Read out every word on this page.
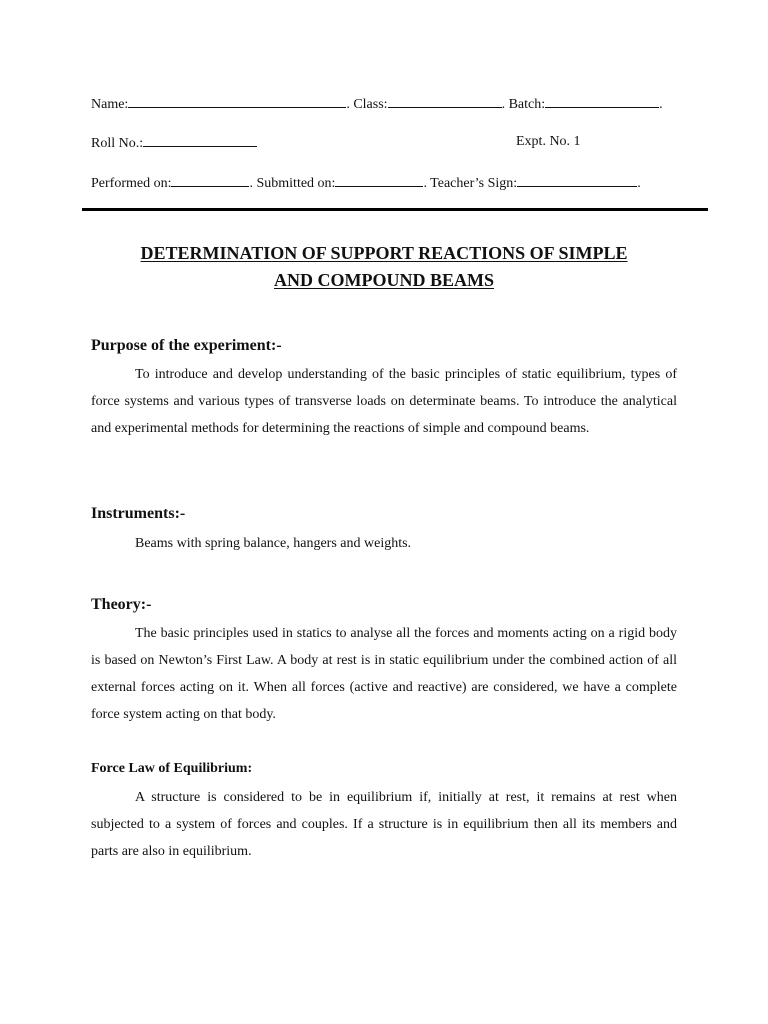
Name:	. Class:	. Batch:	.
Roll No.:	Expt. No. 1
Performed on:	. Submitted on:	. Teacher’s Sign:	.
DETERMINATION OF SUPPORT REACTIONS OF SIMPLE
AND COMPOUND BEAMS
Purpose of the experiment:-
To introduce and develop understanding of the basic principles of static equilibrium, types of force systems and various types of transverse loads on determinate beams. To introduce the analytical and experimental methods for determining the reactions of simple and compound beams.
Instruments:-
Beams with spring balance, hangers and weights.
Theory:-
The basic principles used in statics to analyse all the forces and moments acting on a rigid body is based on Newton’s First Law. A body at rest is in static equilibrium under the combined action of all external forces acting on it. When all forces (active and reactive) are considered, we have a complete force system acting on that body.
Force Law of Equilibrium:
A structure is considered to be in equilibrium if, initially at rest, it remains at rest when subjected to a system of forces and couples. If a structure is in equilibrium then all its members and parts are also in equilibrium.
